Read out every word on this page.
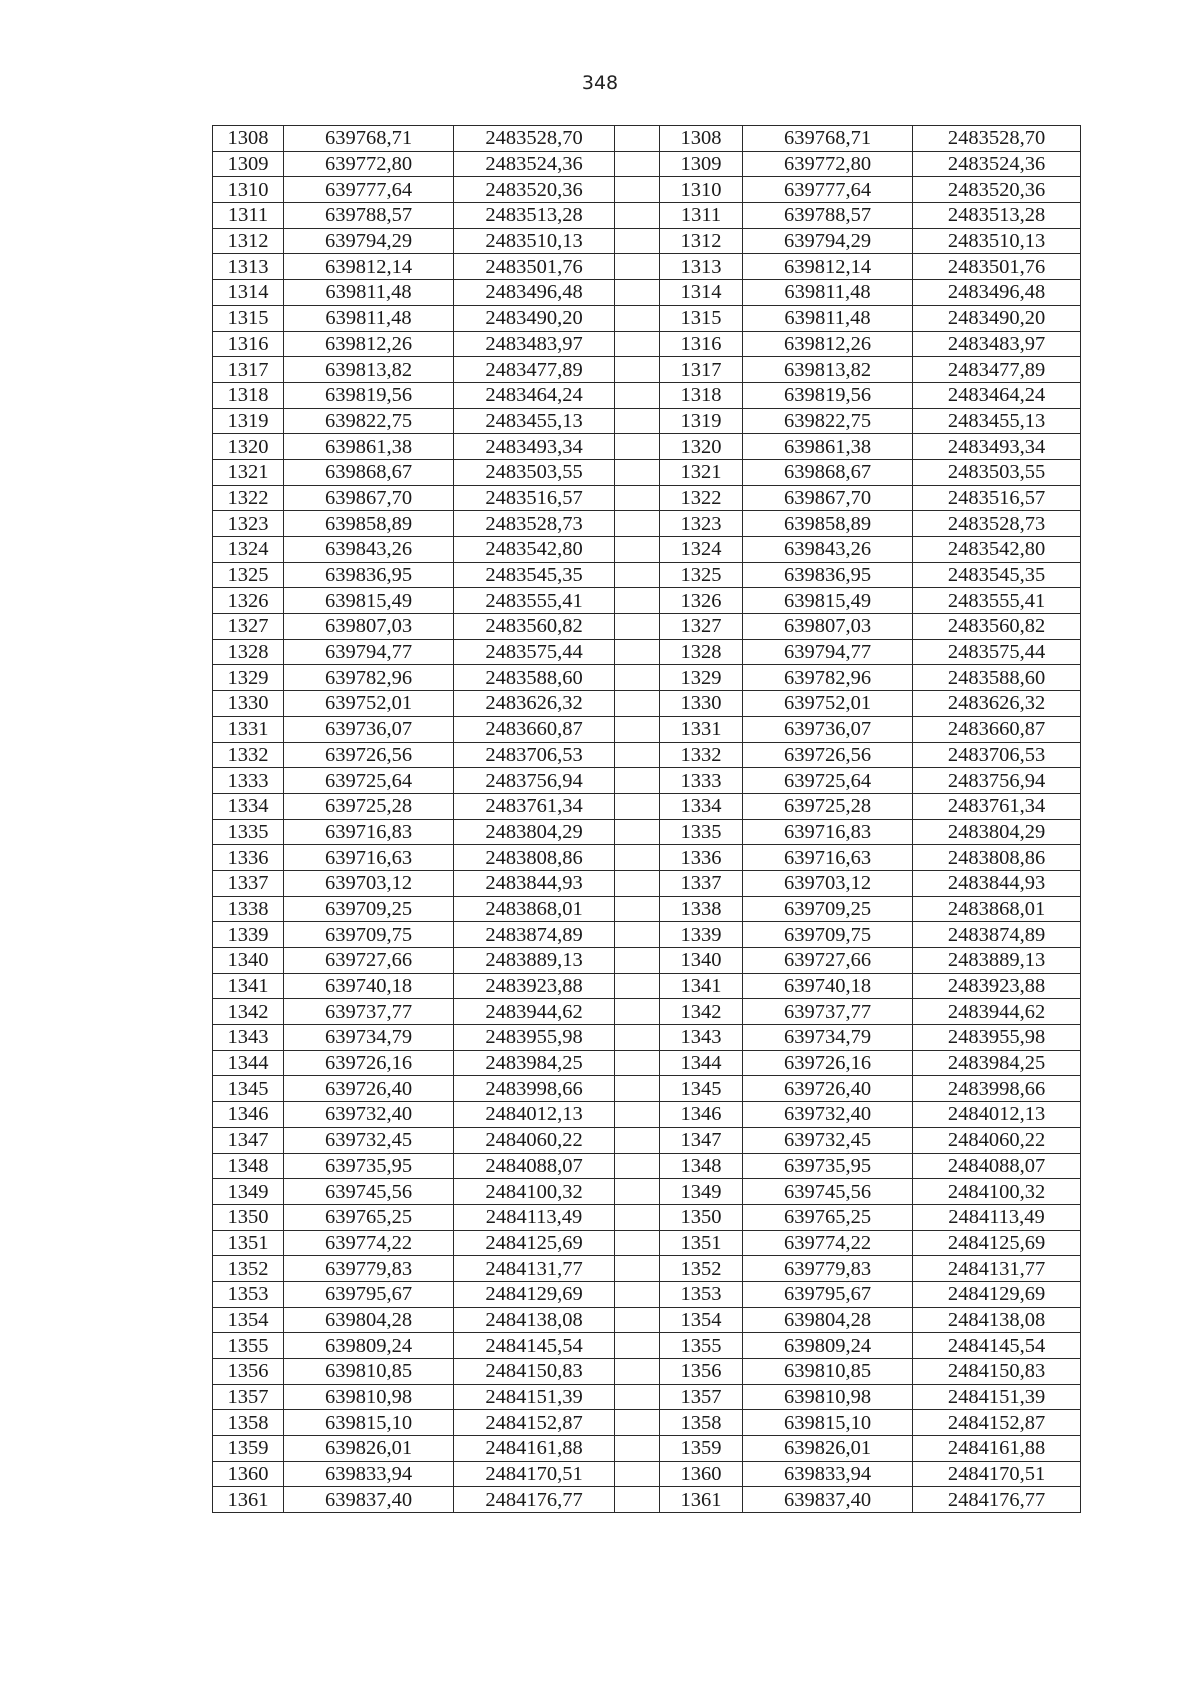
348
1308	639768,71	2483528,70		1308	639768,71	2483528,70
1309	639772,80	2483524,36		1309	639772,80	2483524,36
1310	639777,64	2483520,36		1310	639777,64	2483520,36
1311	639788,57	2483513,28		1311	639788,57	2483513,28
1312	639794,29	2483510,13		1312	639794,29	2483510,13
1313	639812,14	2483501,76		1313	639812,14	2483501,76
1314	639811,48	2483496,48		1314	639811,48	2483496,48
1315	639811,48	2483490,20		1315	639811,48	2483490,20
1316	639812,26	2483483,97		1316	639812,26	2483483,97
1317	639813,82	2483477,89		1317	639813,82	2483477,89
1318	639819,56	2483464,24		1318	639819,56	2483464,24
1319	639822,75	2483455,13		1319	639822,75	2483455,13
1320	639861,38	2483493,34		1320	639861,38	2483493,34
1321	639868,67	2483503,55		1321	639868,67	2483503,55
1322	639867,70	2483516,57		1322	639867,70	2483516,57
1323	639858,89	2483528,73		1323	639858,89	2483528,73
1324	639843,26	2483542,80		1324	639843,26	2483542,80
1325	639836,95	2483545,35		1325	639836,95	2483545,35
1326	639815,49	2483555,41		1326	639815,49	2483555,41
1327	639807,03	2483560,82		1327	639807,03	2483560,82
1328	639794,77	2483575,44		1328	639794,77	2483575,44
1329	639782,96	2483588,60		1329	639782,96	2483588,60
1330	639752,01	2483626,32		1330	639752,01	2483626,32
1331	639736,07	2483660,87		1331	639736,07	2483660,87
1332	639726,56	2483706,53		1332	639726,56	2483706,53
1333	639725,64	2483756,94		1333	639725,64	2483756,94
1334	639725,28	2483761,34		1334	639725,28	2483761,34
1335	639716,83	2483804,29		1335	639716,83	2483804,29
1336	639716,63	2483808,86		1336	639716,63	2483808,86
1337	639703,12	2483844,93		1337	639703,12	2483844,93
1338	639709,25	2483868,01		1338	639709,25	2483868,01
1339	639709,75	2483874,89		1339	639709,75	2483874,89
1340	639727,66	2483889,13		1340	639727,66	2483889,13
1341	639740,18	2483923,88		1341	639740,18	2483923,88
1342	639737,77	2483944,62		1342	639737,77	2483944,62
1343	639734,79	2483955,98		1343	639734,79	2483955,98
1344	639726,16	2483984,25		1344	639726,16	2483984,25
1345	639726,40	2483998,66		1345	639726,40	2483998,66
1346	639732,40	2484012,13		1346	639732,40	2484012,13
1347	639732,45	2484060,22		1347	639732,45	2484060,22
1348	639735,95	2484088,07		1348	639735,95	2484088,07
1349	639745,56	2484100,32		1349	639745,56	2484100,32
1350	639765,25	2484113,49		1350	639765,25	2484113,49
1351	639774,22	2484125,69		1351	639774,22	2484125,69
1352	639779,83	2484131,77		1352	639779,83	2484131,77
1353	639795,67	2484129,69		1353	639795,67	2484129,69
1354	639804,28	2484138,08		1354	639804,28	2484138,08
1355	639809,24	2484145,54		1355	639809,24	2484145,54
1356	639810,85	2484150,83		1356	639810,85	2484150,83
1357	639810,98	2484151,39		1357	639810,98	2484151,39
1358	639815,10	2484152,87		1358	639815,10	2484152,87
1359	639826,01	2484161,88		1359	639826,01	2484161,88
1360	639833,94	2484170,51		1360	639833,94	2484170,51
1361	639837,40	2484176,77		1361	639837,40	2484176,77
